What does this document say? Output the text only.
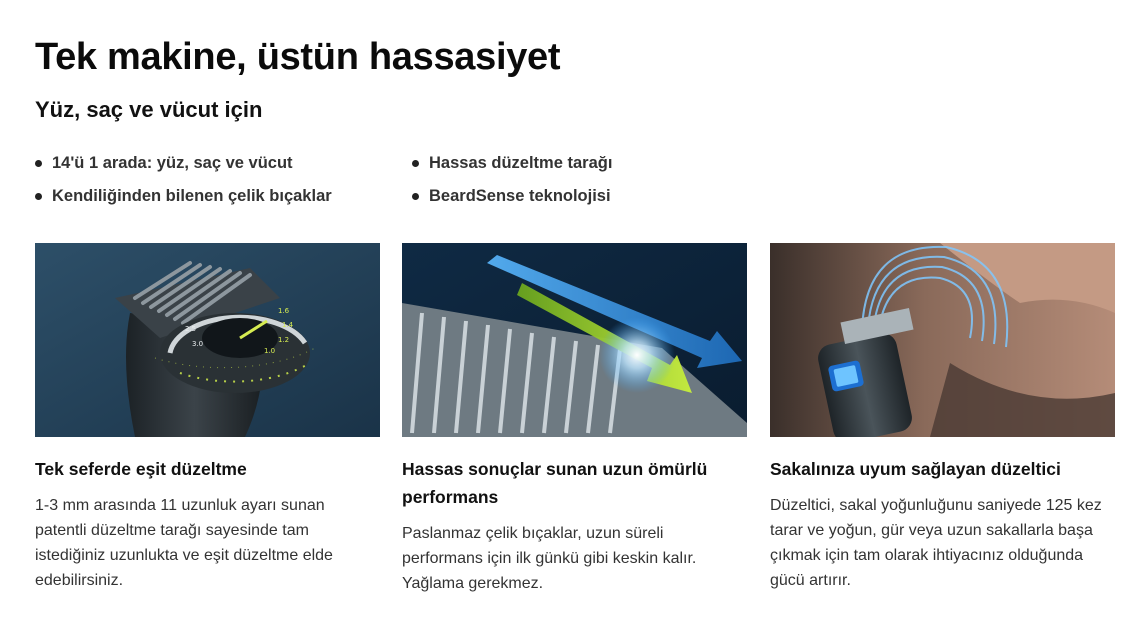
Tek makine, üstün hassasiyet
Yüz, saç ve vücut için
14'ü 1 arada: yüz, saç ve vücut	Hassas düzeltme tarağı
Kendiliğinden bilenen çelik bıçaklar	BeardSense teknolojisi
2.5
3.0
1.0
1.2
1.4
1.6
Tek seferde eşit düzeltme

1-3 mm arasında 11 uzunluk ayarı sunan patentli düzeltme tarağı sayesinde tam istediğiniz uzunlukta ve eşit düzeltme elde edebilirsiniz.

Hassas sonuçlar sunan uzun ömürlü performans

Paslanmaz çelik bıçaklar, uzun süreli performans için ilk günkü gibi keskin kalır. Yağlama gerekmez.

Sakalınıza uyum sağlayan düzeltici

Düzeltici, sakal yoğunluğunu saniyede 125 kez tarar ve yoğun, gür veya uzun sakallarla başa çıkmak için tam olarak ihtiyacınız olduğunda gücü artırır.
